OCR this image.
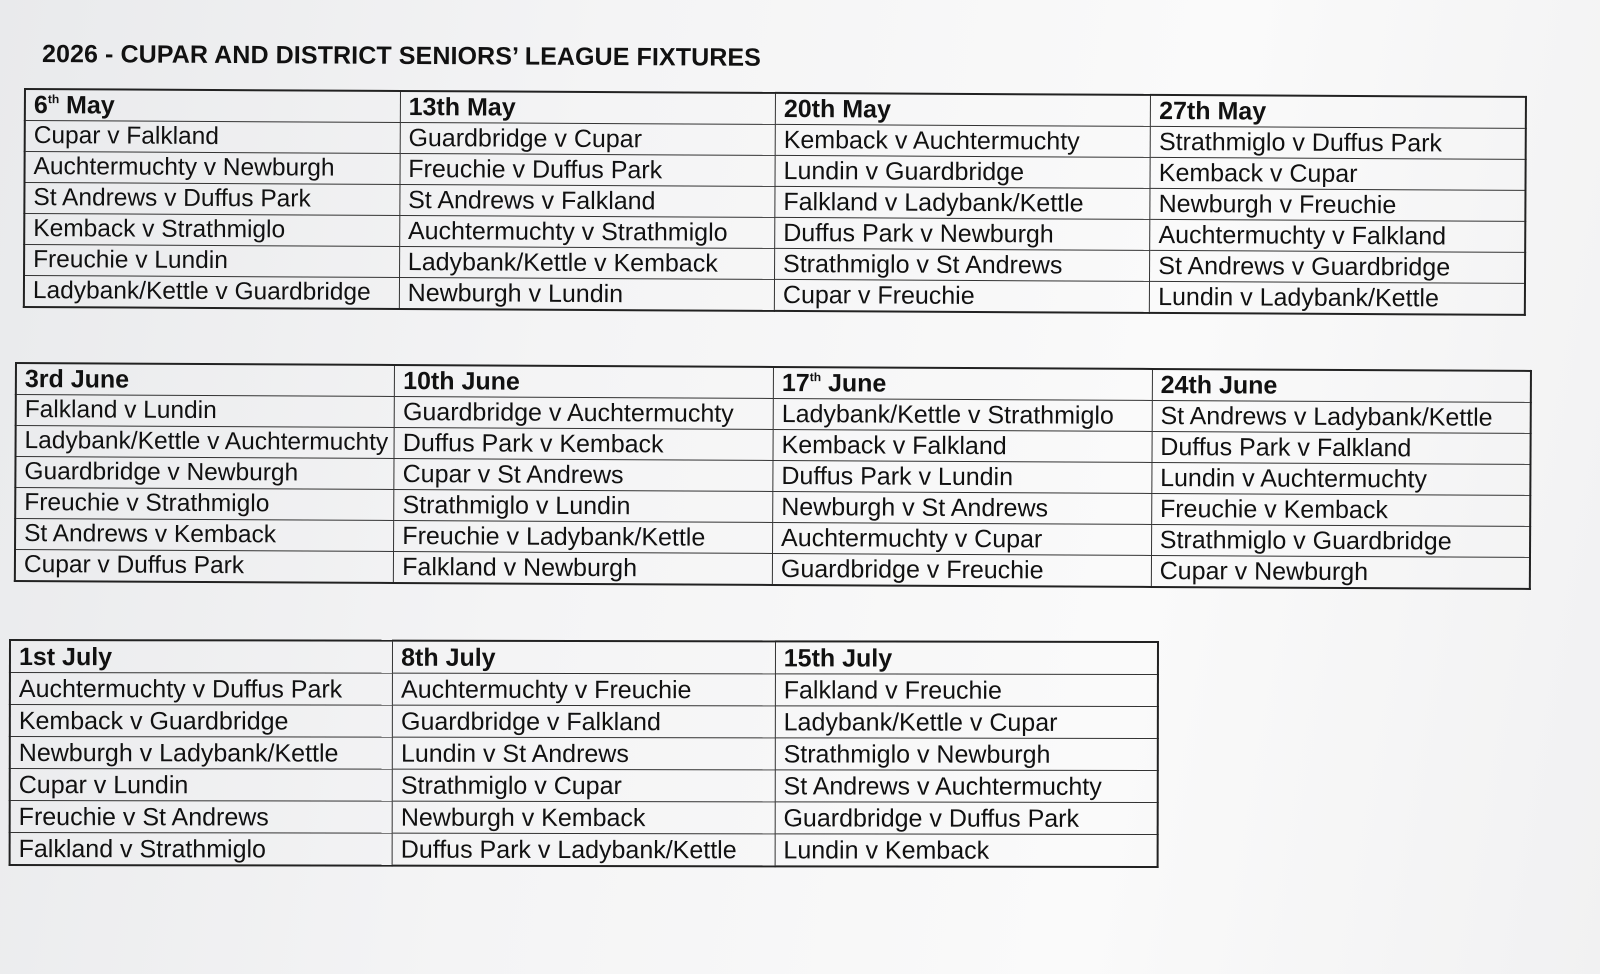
2026 - CUPAR AND DISTRICT SENIORS’ LEAGUE FIXTURES
6th May	13th May	20th May	27th May
Cupar v Falkland	Guardbridge v Cupar	Kemback v Auchtermuchty	Strathmiglo v Duffus Park
Auchtermuchty v Newburgh	Freuchie v Duffus Park	Lundin v Guardbridge	Kemback v Cupar
St Andrews v Duffus Park	St Andrews v Falkland	Falkland v Ladybank/Kettle	Newburgh v Freuchie
Kemback v Strathmiglo	Auchtermuchty v Strathmiglo	Duffus Park v Newburgh	Auchtermuchty v Falkland
Freuchie v Lundin	Ladybank/Kettle v Kemback	Strathmiglo v St Andrews	St Andrews v Guardbridge
Ladybank/Kettle v Guardbridge	Newburgh v Lundin	Cupar v Freuchie	Lundin v Ladybank/Kettle
3rd June	10th June	17th June	24th June
Falkland v Lundin	Guardbridge v Auchtermuchty	Ladybank/Kettle v Strathmiglo	St Andrews v Ladybank/Kettle
Ladybank/Kettle v Auchtermuchty	Duffus Park v Kemback	Kemback v Falkland	Duffus Park v Falkland
Guardbridge v Newburgh	Cupar v St Andrews	Duffus Park v Lundin	Lundin v Auchtermuchty
Freuchie v Strathmiglo	Strathmiglo v Lundin	Newburgh v St Andrews	Freuchie v Kemback
St Andrews v Kemback	Freuchie v Ladybank/Kettle	Auchtermuchty v Cupar	Strathmiglo v Guardbridge
Cupar v Duffus Park	Falkland v Newburgh	Guardbridge v Freuchie	Cupar v Newburgh
1st July	8th July	15th July
Auchtermuchty v Duffus Park	Auchtermuchty v Freuchie	Falkland v Freuchie
Kemback v Guardbridge	Guardbridge v Falkland	Ladybank/Kettle v Cupar
Newburgh v Ladybank/Kettle	Lundin v St Andrews	Strathmiglo v Newburgh
Cupar v Lundin	Strathmiglo v Cupar	St Andrews v Auchtermuchty
Freuchie v St Andrews	Newburgh v Kemback	Guardbridge v Duffus Park
Falkland v Strathmiglo	Duffus Park v Ladybank/Kettle	Lundin v Kemback
